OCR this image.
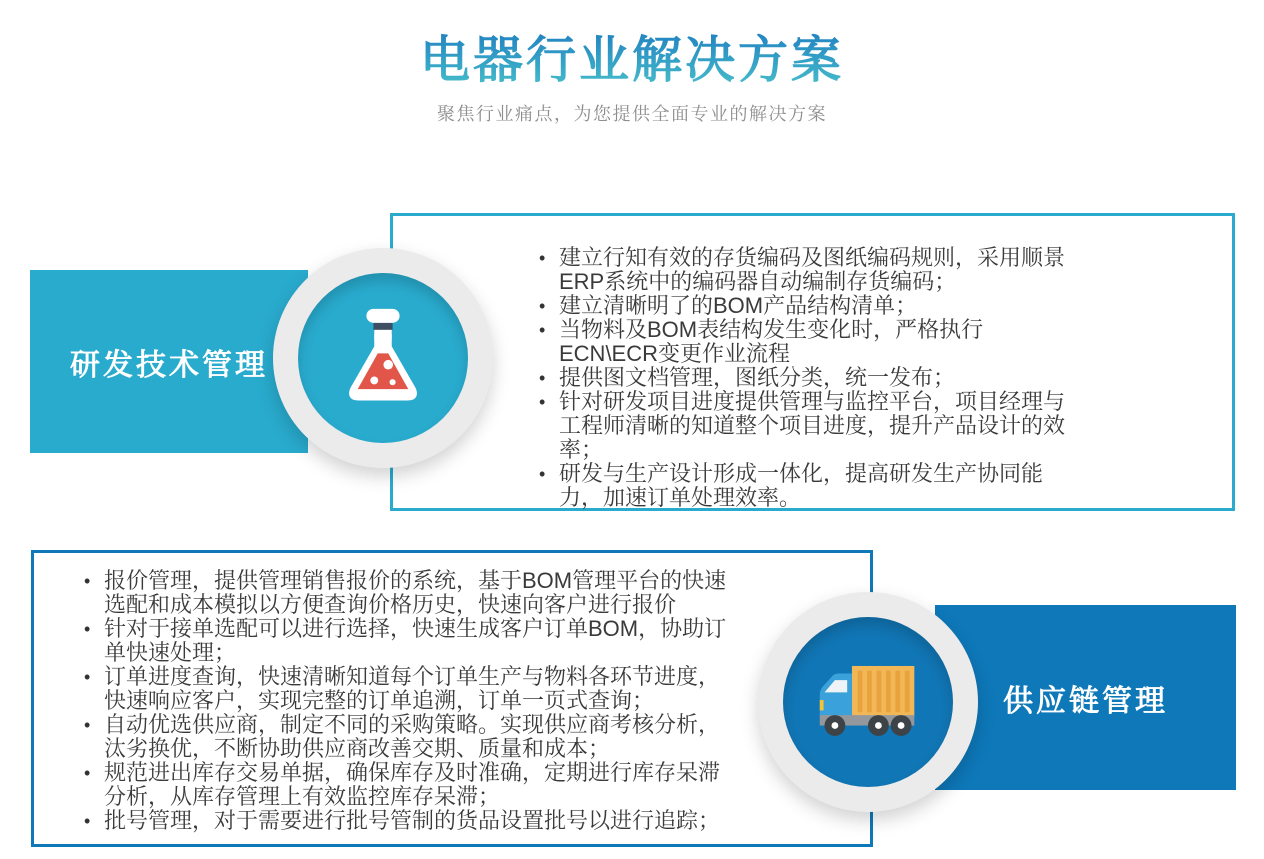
电器行业解决方案

聚焦行业痛点，为您提供全面专业的解决方案

• 建立行知有效的存货编码及图纸编码规则，采用顺景ERP系统中的编码器自动编制存货编码；
• 建立清晰明了的BOM产品结构清单；
• 当物料及BOM表结构发生变化时，严格执行ECN\ECR变更作业流程
• 提供图文档管理，图纸分类，统一发布；
• 针对研发项目进度提供管理与监控平台，项目经理与工程师清晰的知道整个项目进度，提升产品设计的效率；
• 研发与生产设计形成一体化，提高研发生产协同能力，加速订单处理效率。
研发技术管理
• 报价管理，提供管理销售报价的系统，基于BOM管理平台的快速选配和成本模拟以方便查询价格历史，快速向客户进行报价
• 针对于接单选配可以进行选择，快速生成客户订单BOM，协助订单快速处理；
• 订单进度查询，快速清晰知道每个订单生产与物料各环节进度，快速响应客户，实现完整的订单追溯，订单一页式查询；
• 自动优选供应商，制定不同的采购策略。实现供应商考核分析，汰劣换优，不断协助供应商改善交期、质量和成本；
• 规范进出库存交易单据，确保库存及时准确，定期进行库存呆滞分析，从库存管理上有效监控库存呆滞；
• 批号管理，对于需要进行批号管制的货品设置批号以进行追踪；
供应链管理
